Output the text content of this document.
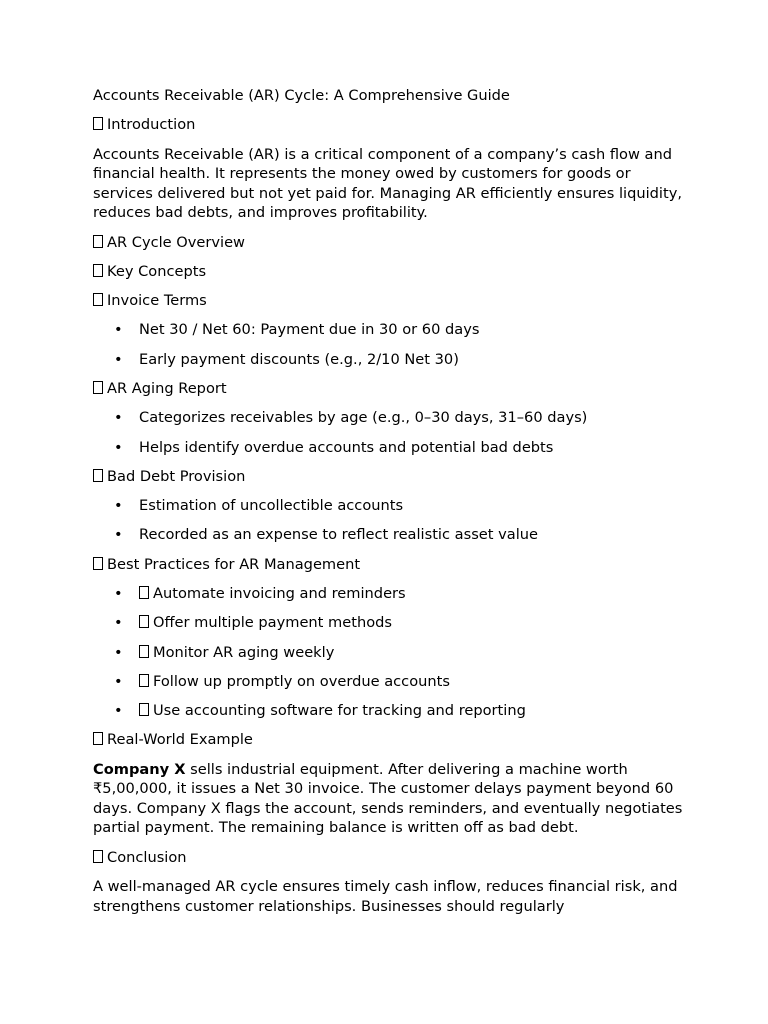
Accounts Receivable (AR) Cycle: A Comprehensive Guide

Introduction

Accounts Receivable (AR) is a critical component of a company’s cash flow and financial health. It represents the money owed by customers for goods or services delivered but not yet paid for. Managing AR efficiently ensures liquidity, reduces bad debts, and improves profitability.

AR Cycle Overview

Key Concepts

Invoice Terms

• Net 30 / Net 60: Payment due in 30 or 60 days
• Early payment discounts (e.g., 2/10 Net 30)

AR Aging Report

• Categorizes receivables by age (e.g., 0–30 days, 31–60 days)
• Helps identify overdue accounts and potential bad debts

Bad Debt Provision

• Estimation of uncollectible accounts
• Recorded as an expense to reflect realistic asset value

Best Practices for AR Management

• Automate invoicing and reminders
• Offer multiple payment methods
• Monitor AR aging weekly
• Follow up promptly on overdue accounts
• Use accounting software for tracking and reporting

Real-World Example

Company X sells industrial equipment. After delivering a machine worth ₹5,00,000, it issues a Net 30 invoice. The customer delays payment beyond 60 days. Company X flags the account, sends reminders, and eventually negotiates partial payment. The remaining balance is written off as bad debt.

Conclusion

A well-managed AR cycle ensures timely cash inflow, reduces financial risk, and strengthens customer relationships. Businesses should regularly
